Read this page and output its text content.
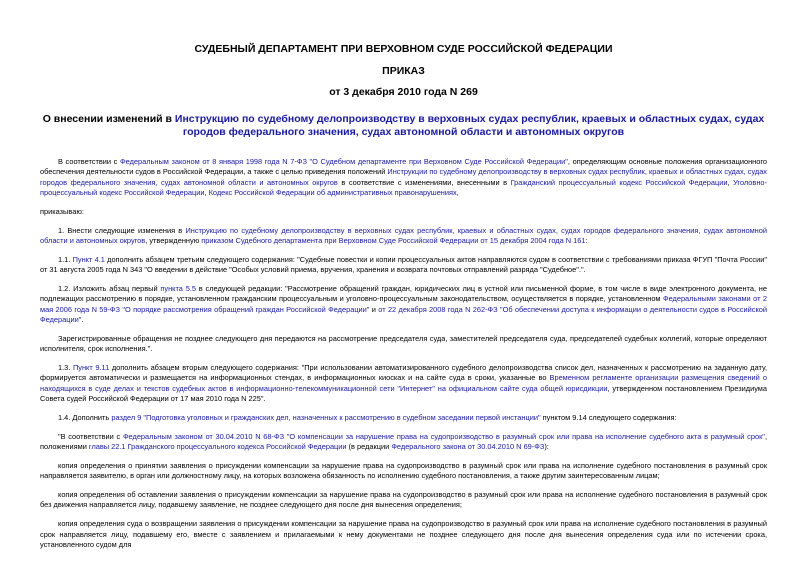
СУДЕБНЫЙ ДЕПАРТАМЕНТ ПРИ ВЕРХОВНОМ СУДЕ РОССИЙСКОЙ ФЕДЕРАЦИИ
ПРИКАЗ
от 3 декабря 2010 года N 269
О внесении изменений в Инструкцию по судебному делопроизводству в верховных судах республик, краевых и областных судах, судах городов федерального значения, судах автономной области и автономных округов

В соответствии с Федеральным законом от 8 января 1998 года N 7-ФЗ "О Судебном департаменте при Верховном Суде Российской Федерации", определяющим основные положения организационного обеспечения деятельности судов в Российской Федерации, а также с целью приведения положений Инструкции по судебному делопроизводству в верховных судах республик, краевых и областных судах, судах городов федерального значения, судах автономной области и автономных округов в соответствие с изменениями, внесенными в Гражданский процессуальный кодекс Российской Федерации, Уголовно-процессуальный кодекс Российской Федерации, Кодекс Российской Федерации об административных правонарушениях,

приказываю:

1. Внести следующие изменения в Инструкцию по судебному делопроизводству в верховных судах республик, краевых и областных судах, судах городов федерального значения, судах автономной области и автономных округов, утвержденную приказом Судебного департамента при Верховном Суде Российской Федерации от 15 декабря 2004 года N 161:

1.1. Пункт 4.1 дополнить абзацем третьим следующего содержания: "Судебные повестки и копии процессуальных актов направляются судом в соответствии с требованиями приказа ФГУП "Почта России" от 31 августа 2005 года N 343 "О введении в действие "Особых условий приема, вручения, хранения и возврата почтовых отправлений разряда "Судебное".".

1.2. Изложить абзац первый пункта 5.5 в следующей редакции: "Рассмотрение обращений граждан, юридических лиц в устной или письменной форме, в том числе в виде электронного документа, не подлежащих рассмотрению в порядке, установленном гражданским процессуальным и уголовно-процессуальным законодательством, осуществляется в порядке, установленном Федеральными законами от 2 мая 2006 года N 59-ФЗ "О порядке рассмотрения обращений граждан Российской Федерации" и от 22 декабря 2008 года N 262-ФЗ "Об обеспечении доступа к информации о деятельности судов в Российской Федерации".

Зарегистрированные обращения не позднее следующего дня передаются на рассмотрение председателя суда, заместителей председателя суда, председателей судебных коллегий, которые определяют исполнителя, срок исполнения.".

1.3. Пункт 9.11 дополнить абзацем вторым следующего содержания: "При использовании автоматизированного судебного делопроизводства список дел, назначенных к рассмотрению на заданную дату, формируется автоматически и размещается на информационных стендах, в информационных киосках и на сайте суда в сроки, указанные во Временном регламенте организации размещения сведений о находящихся в суде делах и текстов судебных актов в информационно-телекоммуникационной сети "Интернет" на официальном сайте суда общей юрисдикции, утвержденном постановлением Президиума Совета судей Российской Федерации от 17 мая 2010 года N 225".

1.4. Дополнить раздел 9 "Подготовка уголовных и гражданских дел, назначенных к рассмотрению в судебном заседании первой инстанции" пунктом 9.14 следующего содержания:

"В соответствии с Федеральным законом от 30.04.2010 N 68-ФЗ "О компенсации за нарушение права на судопроизводство в разумный срок или права на исполнение судебного акта в разумный срок", положениями главы 22.1 Гражданского процессуального кодекса Российской Федерации (в редакции Федерального закона от 30.04.2010 N 69-ФЗ):

копия определения о принятии заявления о присуждении компенсации за нарушение права на судопроизводство в разумный срок или права на исполнение судебного постановления в разумный срок направляется заявителю, в орган или должностному лицу, на которых возложена обязанность по исполнению судебного постановления, а также другим заинтересованным лицам;

копия определения об оставлении заявления о присуждении компенсации за нарушение права на судопроизводство в разумный срок или права на исполнение судебного постановления в разумный срок без движения направляется лицу, подавшему заявление, не позднее следующего дня после дня вынесения определения;

копия определения суда о возвращении заявления о присуждении компенсации за нарушение права на судопроизводство в разумный срок или права на исполнение судебного постановления в разумный срок направляется лицу, подавшему его, вместе с заявлением и прилагаемыми к нему документами не позднее следующего дня после дня вынесения определения суда или по истечении срока, установленного судом для
